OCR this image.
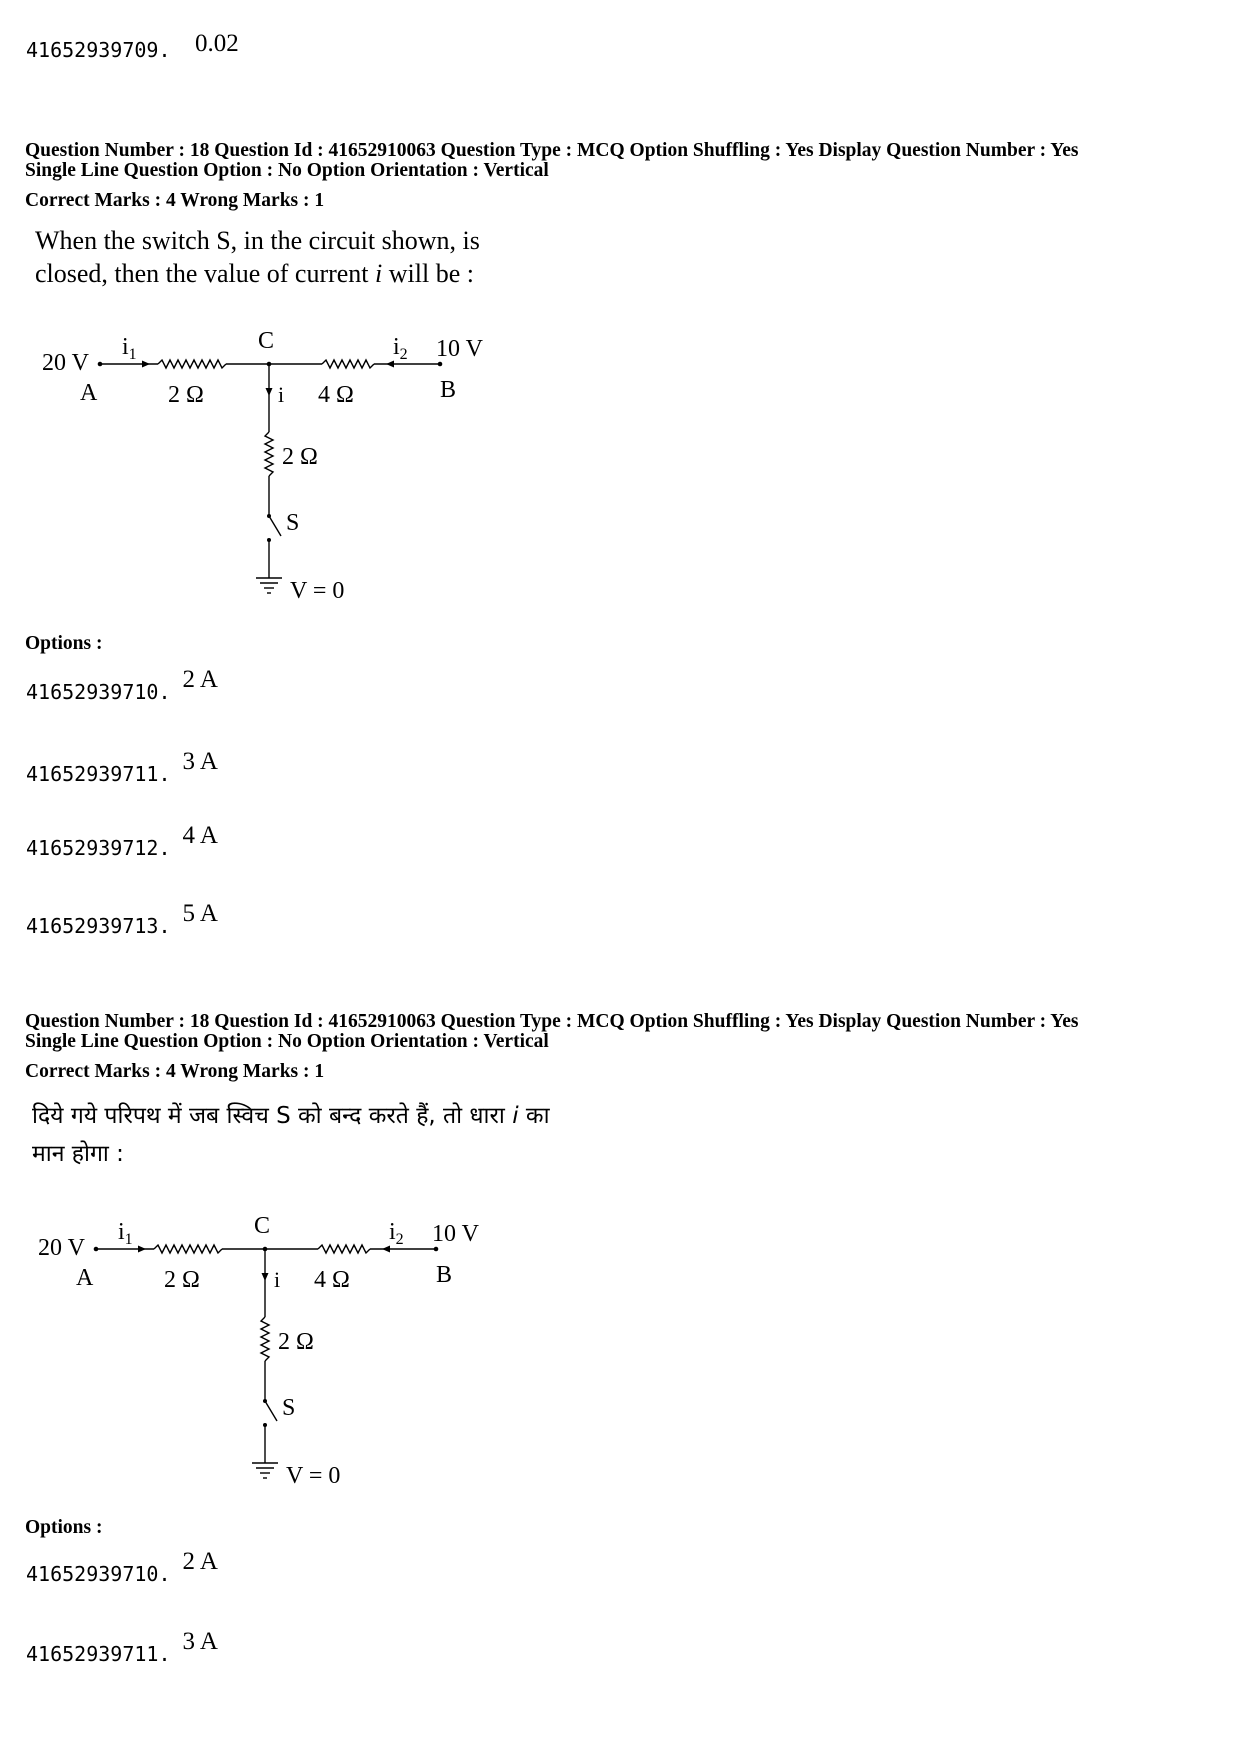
41652939709. 0.02
Question Number : 18 Question Id : 41652910063 Question Type : MCQ Option Shuffling : Yes Display Question Number : Yes
Single Line Question Option : No Option Orientation : Vertical
Correct Marks : 4 Wrong Marks : 1
When the switch S, in the circuit shown, is closed, then the value of current i will be :
20 V
A
$i_1$
2 Ω
C
i 4 Ω
$i_2$ 10 V
B
2 Ω
S
V = 0
Options :
41652939710. 2 A
41652939711. 3 A
41652939712. 4 A
41652939713. 5 A
Question Number : 18 Question Id : 41652910063 Question Type : MCQ Option Shuffling : Yes Display Question Number : Yes
Single Line Question Option : No Option Orientation : Vertical
Correct Marks : 4 Wrong Marks : 1
दिये गये परिपथ में जब स्विच S को बन्द करते हैं, तो धारा i का मान होगा :
20 V
A
$i_1$
2 Ω
C
i 4 Ω
$i_2$ 10 V
B
2 Ω
S
V = 0
Options :
41652939710. 2 A
41652939711. 3 A
